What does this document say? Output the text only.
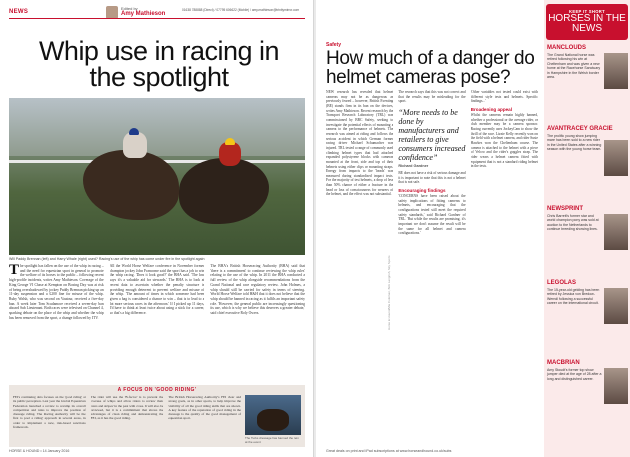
NEWS
Edited by
Amy Mathieson
01638 788888 (Direct) / 07795 606622 (Mobile) / amy.mathieson@trinitymirror.com
Whip use in racing in the spotlight
Will Paddy Brennan (left) and Harry Whale (right) used? Racing's use of the whip has come under fire in the spotlight again
The spotlight has fallen on the use of the whip in racing – and the need for equestrian sport in general to promote the welfare of its horses to the public – following recent high-profile incidents, writes Amy Mathieson. Coverage of the King George VI Chase at Kempton on Boxing Day was at risk of being overshadowed by jockey Paddy Brennan picking up an 11-day suspension and a £200 fine for misuse of the whip. Ruby Walsh, who was second on Vautour, received a five-day ban. A week later Tom Scudamore received a seven-day ban aboard Sub Lieutenant. Both races were televised on Channel 4, sparking debate on the place of the whip and whether the whip has been removed from the sport, a change followed by ITV.
All the World Horse Welfare conference in November former champion jockey John Francome said the sport has a job to win the whip racing. 'Does it look good?' the BHA said. 'The law says it's a valuable aid for stewards.' The BHA is to look at recent data to ascertain whether the penalty structure is providing enough deterrent to prevent welfare and misuse of the whip. 'The amount of times in which someone had been given a bag is considered a chance to win – that is to lead to a lot more serious races in the afternoon.' If I picked up 11 days, I'd have to think at least twice about using a stick for a career, so that's a big difference.
The BHA's British Horseracing Authority (BHA) said that 'there is a commitment' to continue reviewing the whip rules' relating to the use of the whip. In 2011 the BHA conducted a full review of the whip alongside recommendations from the Grand National and race regulatory review. John Holmes, a whip should still be carried for safety in terms of steering. World Horse Welfare told H&H that it does not believe that the whip should be banned in racing as it fulfils an important safety role. 'However, the general public are increasingly questioning its use, which is why we believe this deserves a greater debate,' said chief executive Roly Owers.
A FOCUS ON 'GOOD RIDING'
FEI's continuing data focuses on the 'good riding' at its public perception. Last year the Global Equestrian Federation launched a review to revamp its overall competition and rules to improve the position of dressage riding. The Racing Authority will be the first to pool a riding' approach in several areas, in order to implement a new, risk-based sanctions framework.
The rider will use the 'B-factor' is to prevent the overuse of whips and allow riders to review their 'stars and stripes' in the past with cross. It will also be reviewed, but it is a commitment that shows the advantages of clean riding and demonstrating the FEI, as it has the good riding.
The British Horseracing Authority's FEI clear and strong goals, as in other sports, to help improve the visibility of all the good riding skills that are shown. A key feature of the reputation of good riding in the dressage is the quality of the good management of equestrian sport.
The Turks dressage has banned the rein at the event
HORSE & HOUND • 14 January 2016
Safety
How much of a danger do helmet cameras pose?
NEW research has revealed that helmet cameras may not be as dangerous as previously feared – however, British Eventing (BE) stands firm in its ban on the devices, writes Amy Mathieson. Recent research by the Transport Research Laboratory (TRL) was commissioned by BBC Safety, seeking to investigate the potential effects of mounting a camera to the performance of helmets. The research was aimed at riding and follows the serious accident in which German former racing driver Michael Schumacher was injured. TRL tested a range of commonly used climbing helmet types that had attached expanded polystyrene blocks with cameras mounted at the front, side and top of their helmets using either clips or mounting straps. Energy from impacts to the 'heads' was measured during standardised impact tests. For the majority of test helmets, a drop of less than 50% chance of either a fracture in the head or loss of consciousness for wearers of the helmet, and the effect was not substantial.
The research says that this was not correct and that the results may be misleading for the sport.
“More needs to be done by manufacturers and retailers to give consumers increased confidence”
Richard Gardner
BE does not have a risk of serious damage and it is important to note that this is not a helmet that is not safe.
Encouraging findings
'CONCERNS have been raised about the safety implications of fitting cameras to helmets, and encouraging that the configurations tested still meet the required safety standards,' said Richard Gardner of TRL. 'But while the results are promising, it's important we don't assume the result will be the same for all helmet and camera configurations.'
'Other variables not tested could exist with different style tests and helmets. Specific findings...'
Broadening appeal
Whilst the cameras remain highly banned, whether a professional or the average rider, or club member may be a camera sponsor. Racing currently uses JockeyCam to show the thrill of the race. Lizzie Kelly recently won on the field with a helmet camera, and rider Susie Hawkes won the Cheltenham course. The camera is attached to the helmet with a piece of Velcro and the rider's goggles strap. The rider wears a helmet camera fitted with equipment that is not a standard riding helmet in the tests.
Horse & Hound/Mia Coleman, Bob Langrish, Sky Sports
KEEP IT SHORT
HORSES IN THE NEWS
MANCLOUDS
The Grand National horse was retired following his win at Cheltenham and was given a new home at the Racehorse Sanctuary in Hampshire in the Welsh border area.
AVANTRACEY GRACIE
The prolific young show jumping mare has been sold to a new rider in the United States after a winning season with the young horse team.
NEWSPRINT
Chris Barrett's former star and world champion pony was sold at auction to the Netherlands to continue breeding showing lines.
LEGOLAS
The 15-year-old gelding has been retired by Jessica von Bredow-Werndl following a successful career on the international circuit.
MACBRIAN
Amy Stoudt's former top show jumper died at the age of 28 after a long and distinguished career.
Great deals on print and iPad subscriptions at www.horseandhound.co.uk/subs
